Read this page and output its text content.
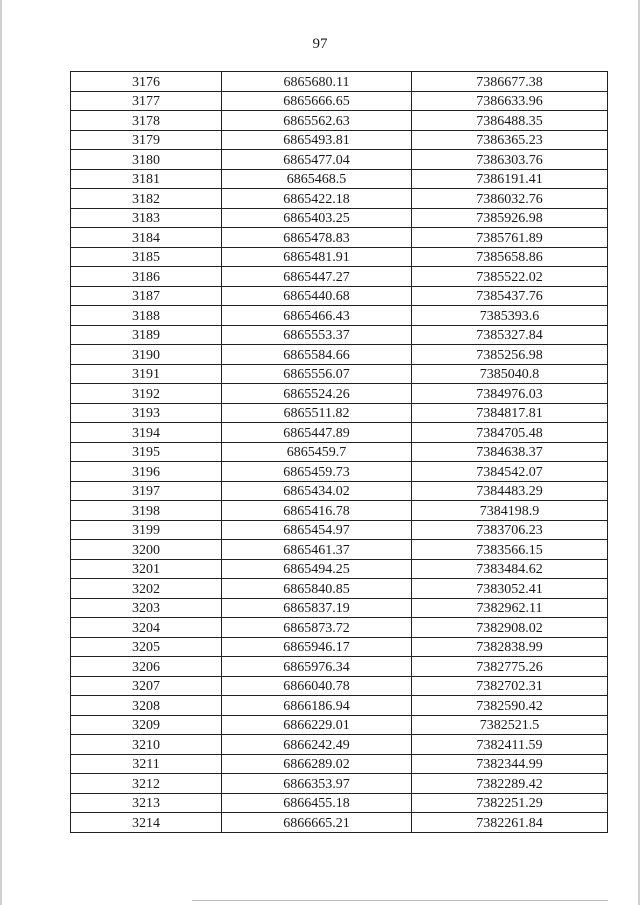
97
3176	6865680.11	7386677.38
3177	6865666.65	7386633.96
3178	6865562.63	7386488.35
3179	6865493.81	7386365.23
3180	6865477.04	7386303.76
3181	6865468.5	7386191.41
3182	6865422.18	7386032.76
3183	6865403.25	7385926.98
3184	6865478.83	7385761.89
3185	6865481.91	7385658.86
3186	6865447.27	7385522.02
3187	6865440.68	7385437.76
3188	6865466.43	7385393.6
3189	6865553.37	7385327.84
3190	6865584.66	7385256.98
3191	6865556.07	7385040.8
3192	6865524.26	7384976.03
3193	6865511.82	7384817.81
3194	6865447.89	7384705.48
3195	6865459.7	7384638.37
3196	6865459.73	7384542.07
3197	6865434.02	7384483.29
3198	6865416.78	7384198.9
3199	6865454.97	7383706.23
3200	6865461.37	7383566.15
3201	6865494.25	7383484.62
3202	6865840.85	7383052.41
3203	6865837.19	7382962.11
3204	6865873.72	7382908.02
3205	6865946.17	7382838.99
3206	6865976.34	7382775.26
3207	6866040.78	7382702.31
3208	6866186.94	7382590.42
3209	6866229.01	7382521.5
3210	6866242.49	7382411.59
3211	6866289.02	7382344.99
3212	6866353.97	7382289.42
3213	6866455.18	7382251.29
3214	6866665.21	7382261.84
